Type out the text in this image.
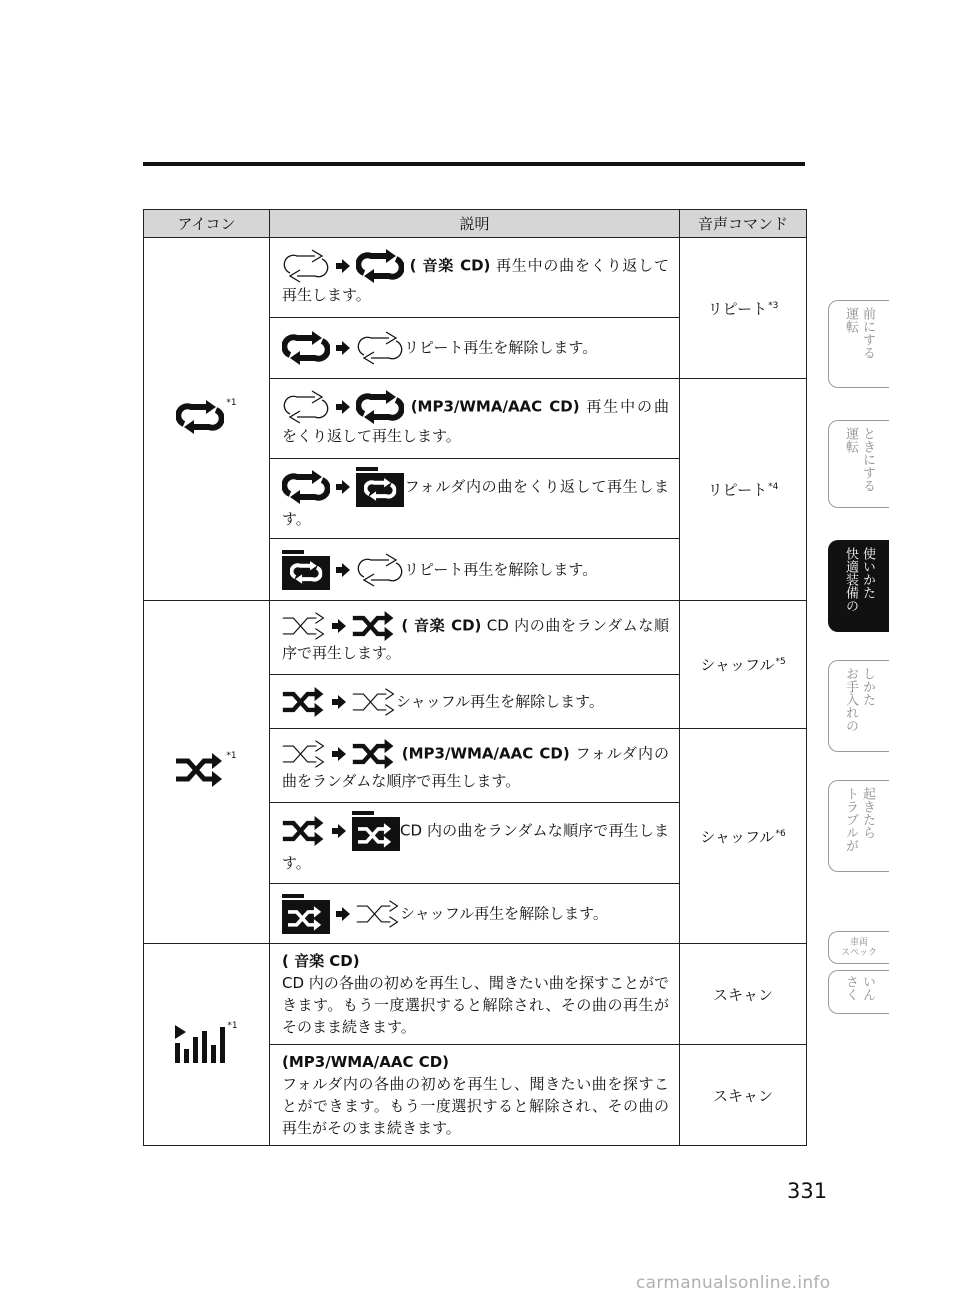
アイコン	説明	音声コマンド

$^{*1}$	( 音楽 CD) 再生中の曲をくり返して再生します。	リピート$^{*3}$
	リピート再生を解除します。	
	(MP3/WMA/AAC CD) 再生中の曲をくり返して再生します。	リピート$^{*4}$
	フォルダ内の曲をくり返して再生します。	
	リピート再生を解除します。	

$^{*1}$	( 音楽 CD) CD 内の曲をランダムな順序で再生します。	シャッフル$^{*5}$
	シャッフル再生を解除します。	
	(MP3/WMA/AAC CD) フォルダ内の曲をランダムな順序で再生します。	シャッフル$^{*6}$
	CD 内の曲をランダムな順序で再生します。	
	シャッフル再生を解除します。	

$^{*1}$	( 音楽 CD)
CD 内の各曲の初めを再生し、聞きたい曲を探すことができます。もう一度選択すると解除され、その曲の再生がそのまま続きます。	スキャン

	(MP3/WMA/AAC CD)
フォルダ内の各曲の初めを再生し、聞きたい曲を探すことができます。もう一度選択すると解除され、その曲の再生がそのまま続きます。	スキャン
331
運転 前にする
運転 ときにする
快適装備の 使いかた
お手入れの しかた
トラブルが 起きたら
車両
スペック
さく いん
carmanualsonline.info
